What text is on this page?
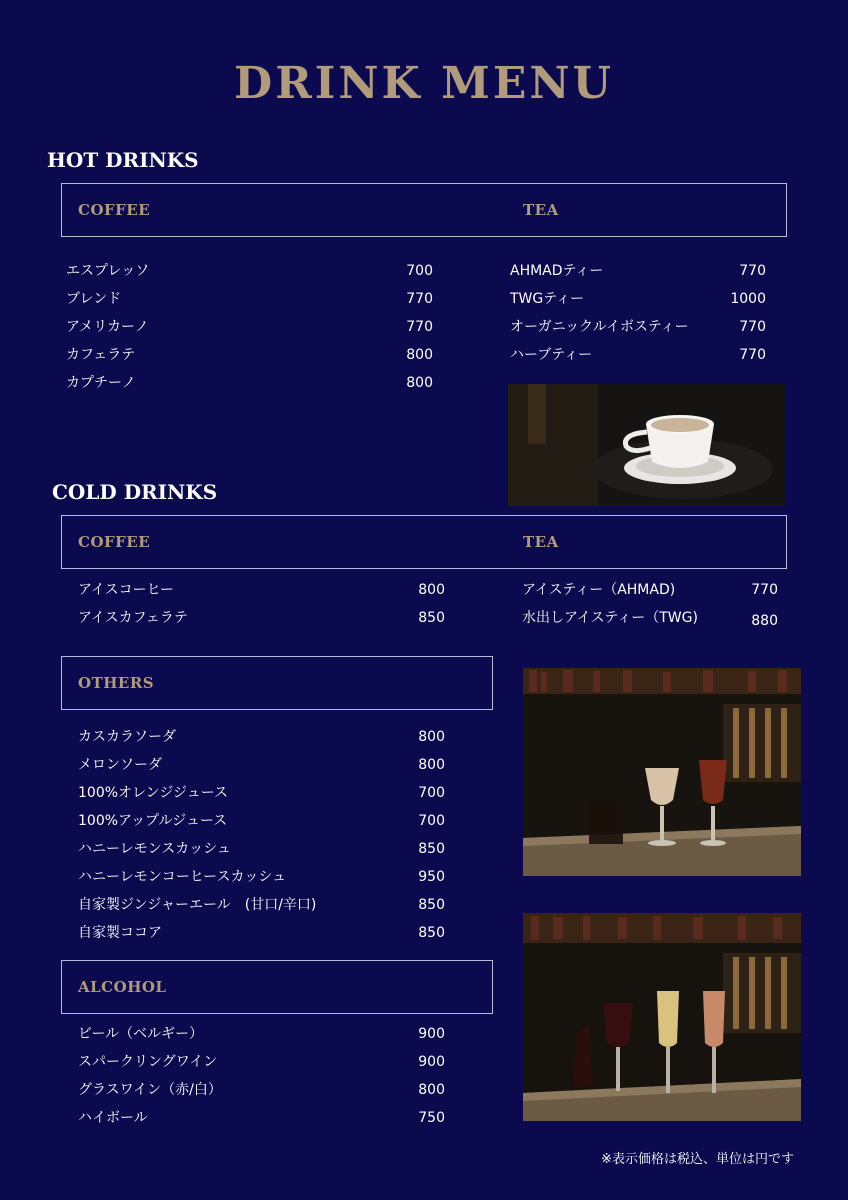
DRINK MENU
HOT DRINKS
COFFEE	TEA
エスプレッソ	700
ブレンド	770
アメリカーノ	770
カフェラテ	800
カプチーノ	800
AHMADティー	770
TWGティー	1000
オーガニックルイボスティー	770
ハーブティー	770
COLD DRINKS
COFFEE	TEA
アイスコーヒー	800
アイスカフェラテ	850
アイスティー（AHMAD)	770
水出しアイスティー（TWG)	880
OTHERS
カスカラソーダ	800
メロンソーダ	800
100%オレンジジュース	700
100%アップルジュース	700
ハニーレモンスカッシュ	850
ハニーレモンコーヒースカッシュ	950
自家製ジンジャーエール　(甘口/辛口)	850
自家製ココア	850
ALCOHOL
ビール（ベルギー）	900
スパークリングワイン	900
グラスワイン（赤/白）	800
ハイボール	750
※表示価格は税込、単位は円です
